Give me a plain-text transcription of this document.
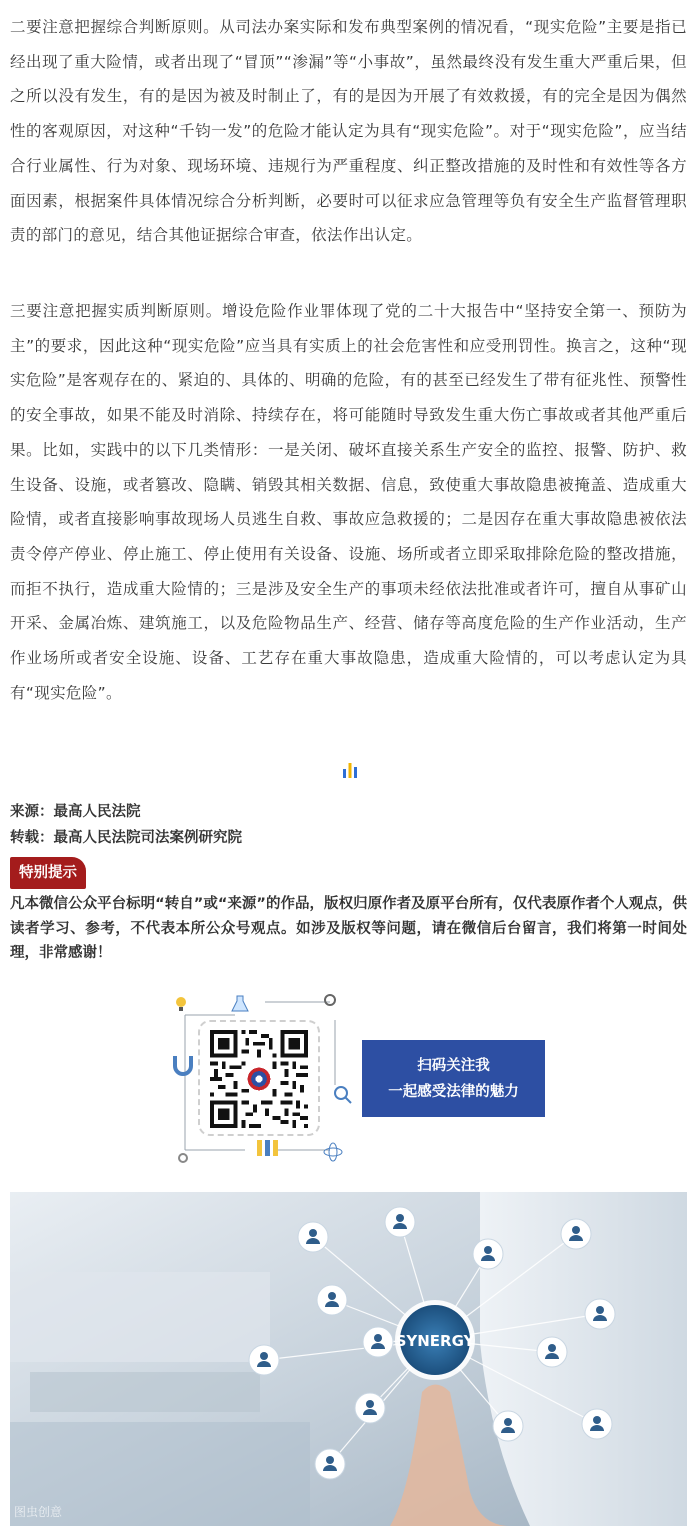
二要注意把握综合判断原则。从司法办案实际和发布典型案例的情况看，“现实危险”主要是指已经出现了重大险情，或者出现了“冒顶”“渗漏”等“小事故”，虽然最终没有发生重大严重后果，但之所以没有发生，有的是因为被及时制止了，有的是因为开展了有效救援，有的完全是因为偶然性的客观原因，对这种“千钧一发”的危险才能认定为具有“现实危险”。对于“现实危险”，应当结合行业属性、行为对象、现场环境、违规行为严重程度、纠正整改措施的及时性和有效性等各方面因素，根据案件具体情况综合分析判断，必要时可以征求应急管理等负有安全生产监督管理职责的部门的意见，结合其他证据综合审查，依法作出认定。

三要注意把握实质判断原则。增设危险作业罪体现了党的二十大报告中“坚持安全第一、预防为主”的要求，因此这种“现实危险”应当具有实质上的社会危害性和应受刑罚性。换言之，这种“现实危险”是客观存在的、紧迫的、具体的、明确的危险，有的甚至已经发生了带有征兆性、预警性的安全事故，如果不能及时消除、持续存在，将可能随时导致发生重大伤亡事故或者其他严重后果。比如，实践中的以下几类情形：一是关闭、破坏直接关系生产安全的监控、报警、防护、救生设备、设施，或者篡改、隐瞒、销毁其相关数据、信息，致使重大事故隐患被掩盖、造成重大险情，或者直接影响事故现场人员逃生自救、事故应急救援的；二是因存在重大事故隐患被依法责令停产停业、停止施工、停止使用有关设备、设施、场所或者立即采取排除危险的整改措施，而拒不执行，造成重大险情的；三是涉及安全生产的事项未经依法批准或者许可，擅自从事矿山开采、金属冶炼、建筑施工，以及危险物品生产、经营、储存等高度危险的生产作业活动，生产作业场所或者安全设施、设备、工艺存在重大事故隐患，造成重大险情的，可以考虑认定为具有“现实危险”。

来源：最高人民法院
转载：最高人民法院司法案例研究院
特别提示

凡本微信公众平台标明“转自”或“来源”的作品，版权归原作者及原平台所有，仅代表原作者个人观点，供读者学习、参考，不代表本所公众号观点。如涉及版权等问题，请在微信后台留言，我们将第一时间处理，非常感谢！

扫码关注我
一起感受法律的魅力
SYNERGY
图虫创意
